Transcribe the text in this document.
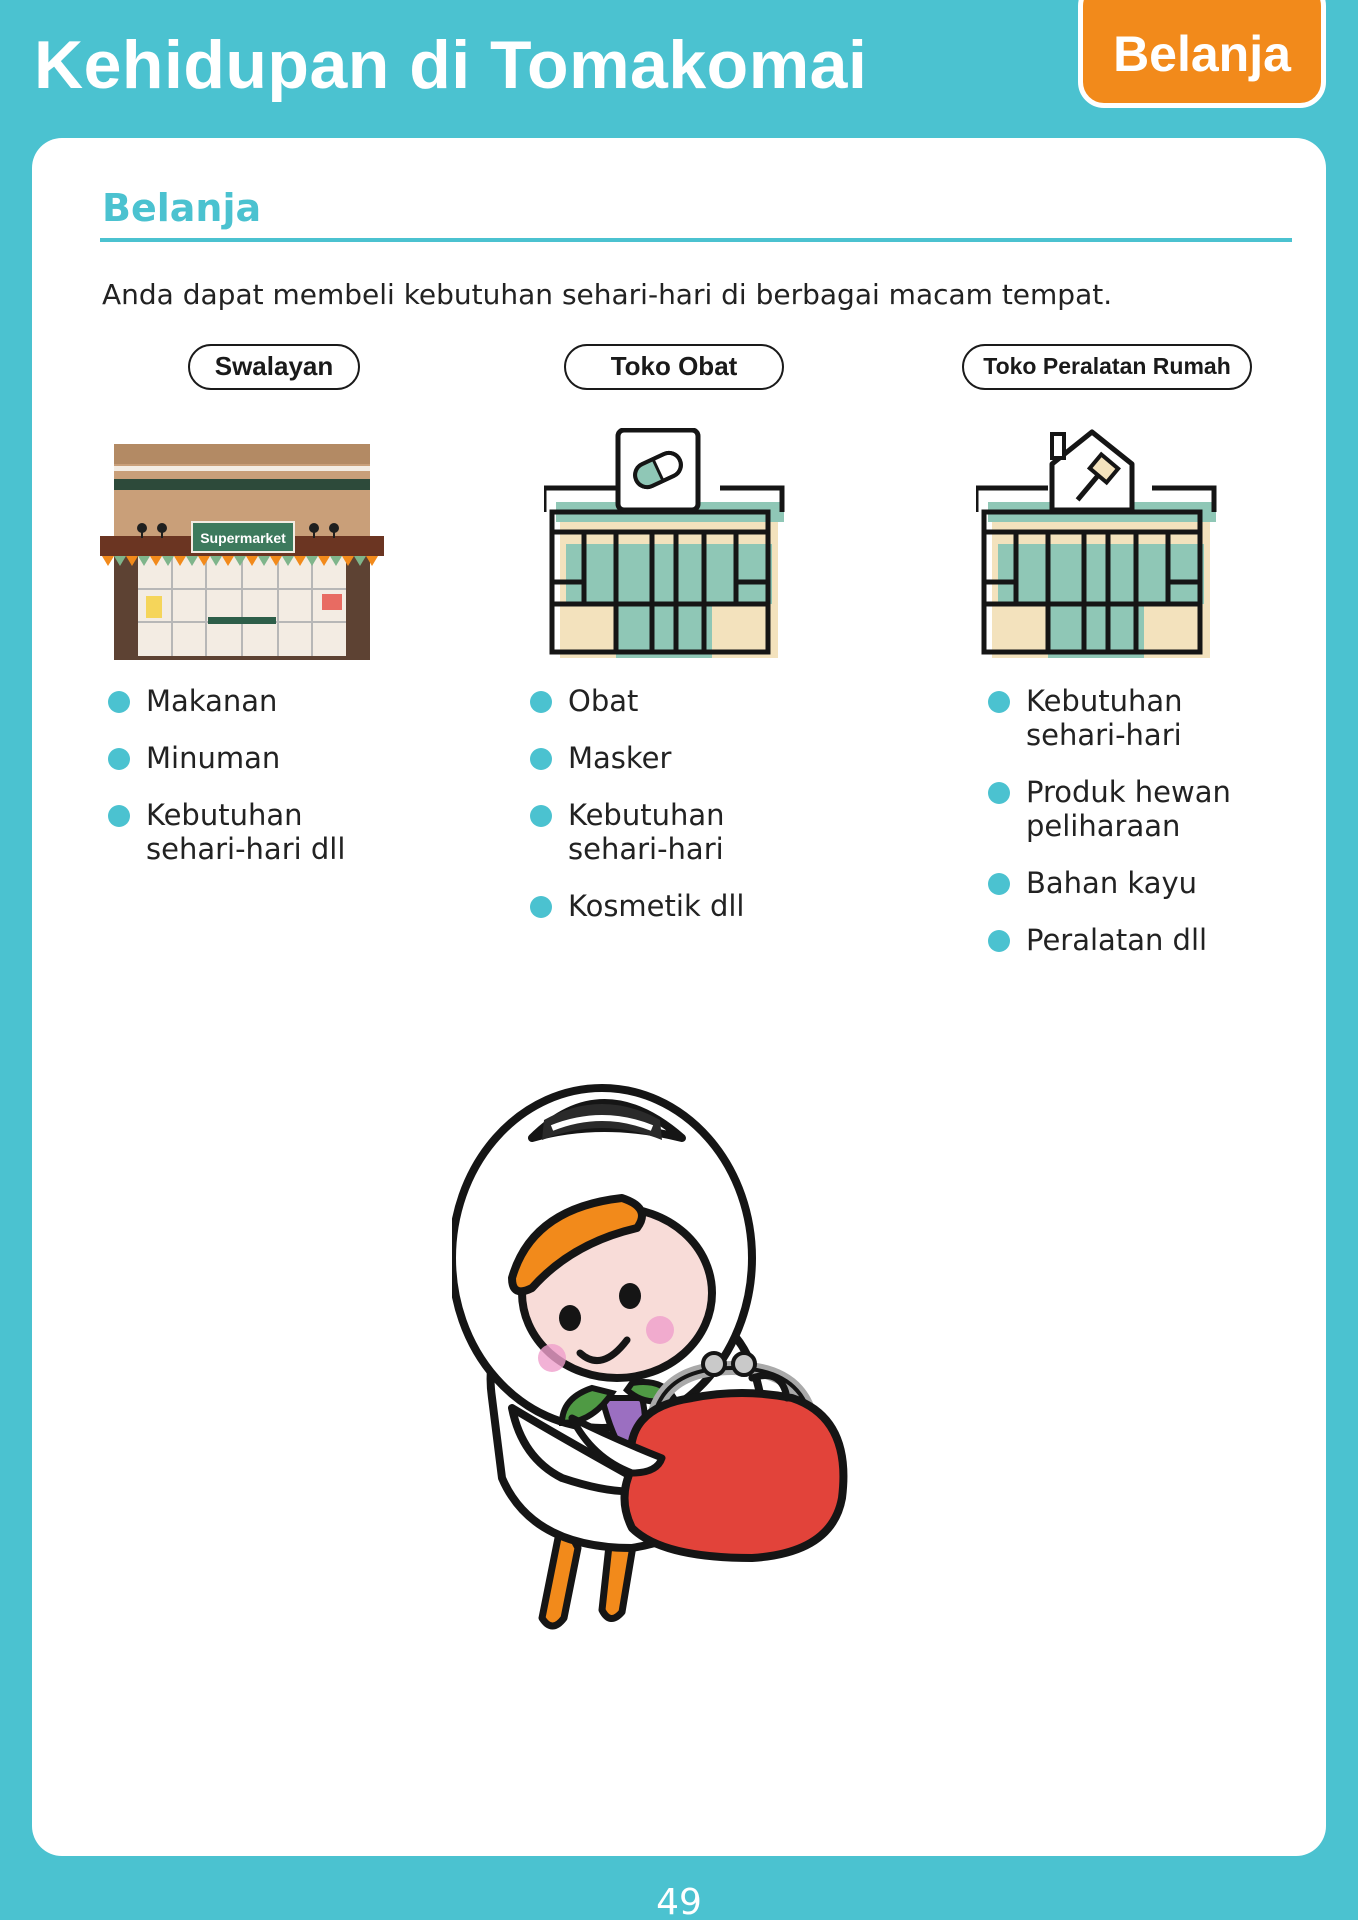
Kehidupan di Tomakomai	Belanja
Belanja

Anda dapat membeli kebutuhan sehari-hari di berbagai macam tempat.

Swalayan
Supermarket
Makanan
Minuman
Kebutuhan
sehari-hari dll
Toko Obat
Obat
Masker
Kebutuhan
sehari-hari
Kosmetik dll
Toko Peralatan Rumah
Kebutuhan
sehari-hari
Produk hewan
peliharaan
Bahan kayu
Peralatan dll
49
